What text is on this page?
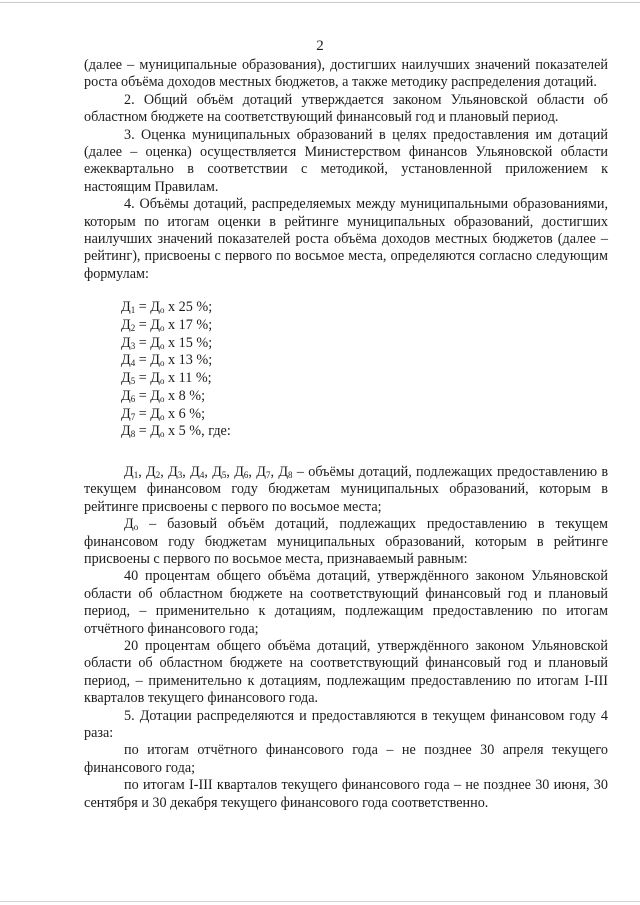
2

(далее – муниципальные образования), достигших наилучших значений показателей роста объёма доходов местных бюджетов, а также методику распределения дотаций.

2. Общий объём дотаций утверждается законом Ульяновской области об областном бюджете на соответствующий финансовый год и плановый период.

3. Оценка муниципальных образований в целях предоставления им дотаций (далее – оценка) осуществляется Министерством финансов Ульяновской области ежеквартально в соответствии с методикой, установленной приложением к настоящим Правилам.

4. Объёмы дотаций, распределяемых между муниципальными образованиями, которым по итогам оценки в рейтинге муниципальных образований, достигших наилучших значений показателей роста объёма доходов местных бюджетов (далее – рейтинг), присвоены с первого по восьмое места, определяются согласно следующим формулам:

$Д_1 = Д_о$ х 25 %;
$Д_2 = Д_о$ х 17 %;
$Д_3 = Д_о$ х 15 %;
$Д_4 = Д_о$ х 13 %;
$Д_5 = Д_о$ х 11 %;
$Д_6 = Д_о$ х 8 %;
$Д_7 = Д_о$ х 6 %;
$Д_8 = Д_о$ х 5 %, где:

$Д_1$, $Д_2$, $Д_3$, $Д_4$, $Д_5$, $Д_6$, $Д_7$, $Д_8$ – объёмы дотаций, подлежащих предоставлению в текущем финансовом году бюджетам муниципальных образований, которым в рейтинге присвоены с первого по восьмое места;

$Д_о$ – базовый объём дотаций, подлежащих предоставлению в текущем финансовом году бюджетам муниципальных образований, которым в рейтинге присвоены с первого по восьмое места, признаваемый равным:

40 процентам общего объёма дотаций, утверждённого законом Ульяновской области об областном бюджете на соответствующий финансовый год и плановый период, – применительно к дотациям, подлежащим предоставлению по итогам отчётного финансового года;

20 процентам общего объёма дотаций, утверждённого законом Ульяновской области об областном бюджете на соответствующий финансовый год и плановый период, – применительно к дотациям, подлежащим предоставлению по итогам I-III кварталов текущего финансового года.

5. Дотации распределяются и предоставляются в текущем финансовом году 4 раза:

по итогам отчётного финансового года – не позднее 30 апреля текущего финансового года;

по итогам I-III кварталов текущего финансового года – не позднее 30 июня, 30 сентября и 30 декабря текущего финансового года соответственно.
